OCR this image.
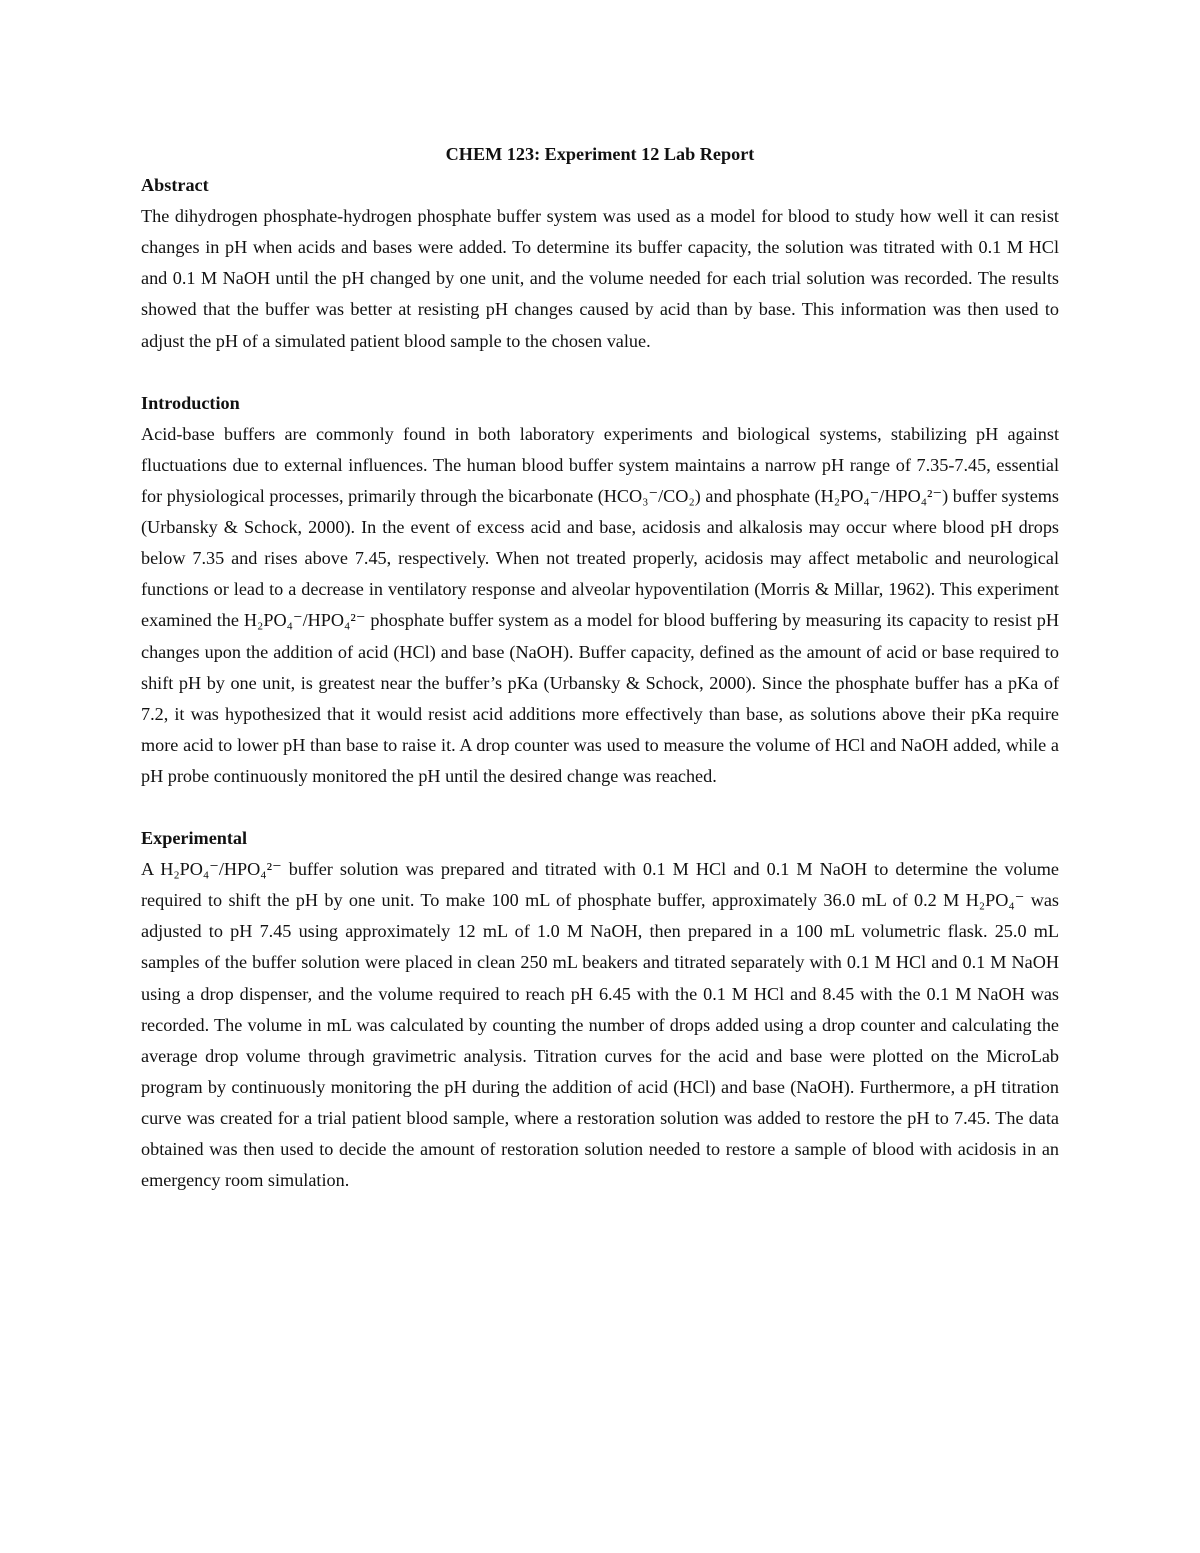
CHEM 123: Experiment 12 Lab Report

Abstract

The dihydrogen phosphate-hydrogen phosphate buffer system was used as a model for blood to study how well it can resist changes in pH when acids and bases were added. To determine its buffer capacity, the solution was titrated with 0.1 M HCl and 0.1 M NaOH until the pH changed by one unit, and the volume needed for each trial solution was recorded. The results showed that the buffer was better at resisting pH changes caused by acid than by base. This information was then used to adjust the pH of a simulated patient blood sample to the chosen value.

Introduction

Acid-base buffers are commonly found in both laboratory experiments and biological systems, stabilizing pH against fluctuations due to external influences. The human blood buffer system maintains a narrow pH range of 7.35-7.45, essential for physiological processes, primarily through the bicarbonate (HCO₃⁻/CO₂) and phosphate (H₂PO₄⁻/HPO₄²⁻) buffer systems (Urbansky & Schock, 2000). In the event of excess acid and base, acidosis and alkalosis may occur where blood pH drops below 7.35 and rises above 7.45, respectively. When not treated properly, acidosis may affect metabolic and neurological functions or lead to a decrease in ventilatory response and alveolar hypoventilation (Morris & Millar, 1962). This experiment examined the H₂PO₄⁻/HPO₄²⁻ phosphate buffer system as a model for blood buffering by measuring its capacity to resist pH changes upon the addition of acid (HCl) and base (NaOH). Buffer capacity, defined as the amount of acid or base required to shift pH by one unit, is greatest near the buffer’s pKa (Urbansky & Schock, 2000). Since the phosphate buffer has a pKa of 7.2, it was hypothesized that it would resist acid additions more effectively than base, as solutions above their pKa require more acid to lower pH than base to raise it. A drop counter was used to measure the volume of HCl and NaOH added, while a pH probe continuously monitored the pH until the desired change was reached.

Experimental

A H₂PO₄⁻/HPO₄²⁻ buffer solution was prepared and titrated with 0.1 M HCl and 0.1 M NaOH to determine the volume required to shift the pH by one unit. To make 100 mL of phosphate buffer, approximately 36.0 mL of 0.2 M H₂PO₄⁻ was adjusted to pH 7.45 using approximately 12 mL of 1.0 M NaOH, then prepared in a 100 mL volumetric flask. 25.0 mL samples of the buffer solution were placed in clean 250 mL beakers and titrated separately with 0.1 M HCl and 0.1 M NaOH using a drop dispenser, and the volume required to reach pH 6.45 with the 0.1 M HCl and 8.45 with the 0.1 M NaOH was recorded. The volume in mL was calculated by counting the number of drops added using a drop counter and calculating the average drop volume through gravimetric analysis. Titration curves for the acid and base were plotted on the MicroLab program by continuously monitoring the pH during the addition of acid (HCl) and base (NaOH). Furthermore, a pH titration curve was created for a trial patient blood sample, where a restoration solution was added to restore the pH to 7.45. The data obtained was then used to decide the amount of restoration solution needed to restore a sample of blood with acidosis in an emergency room simulation.
